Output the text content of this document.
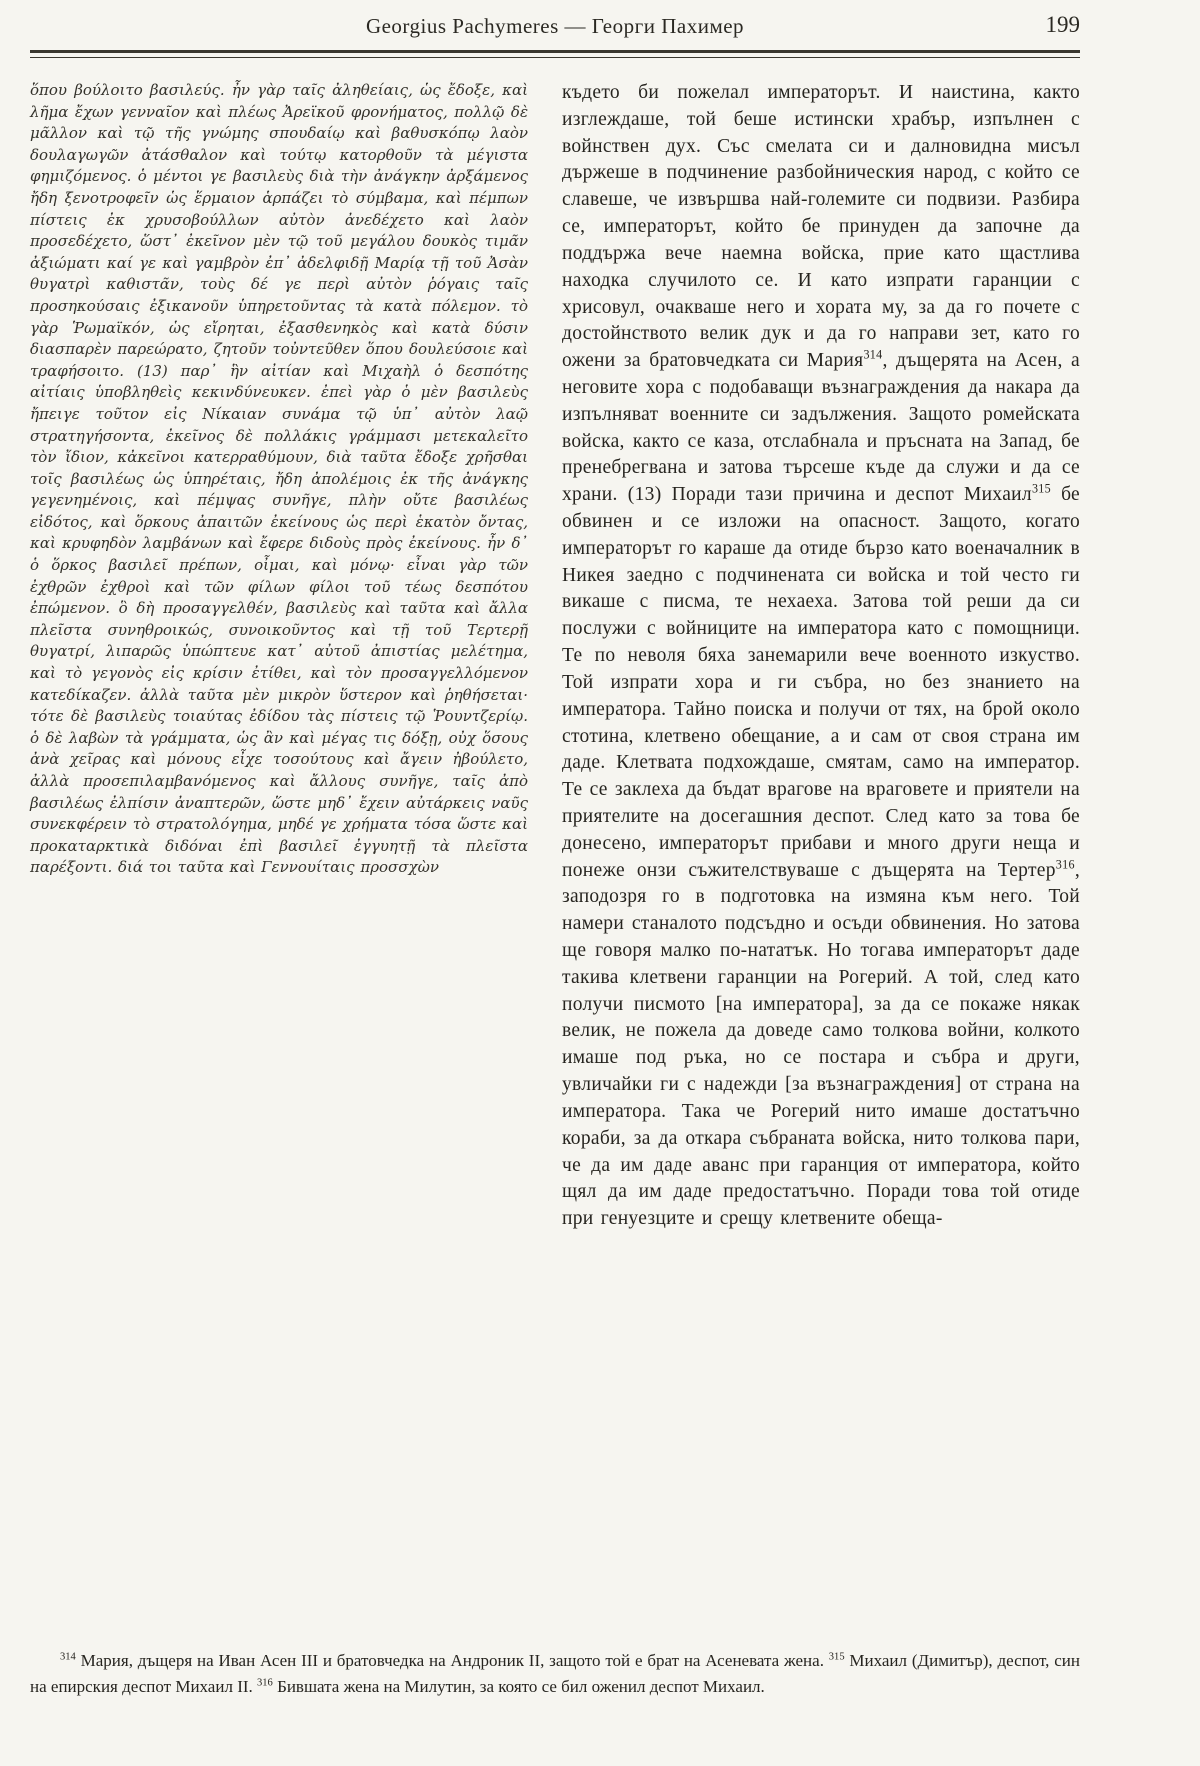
Georgius Pachymeres — Георги Пахимер	199
ὅπου βούλοιτο βασιλεύς. ἦν γὰρ ταῖς ἀληθείαις, ὡς ἔδοξε, καὶ λῆμα ἔχων γενναῖον καὶ πλέως Ἀρεϊκοῦ φρονήματος, πολλῷ δὲ μᾶλλον καὶ τῷ τῆς γνώμης σπουδαίῳ καὶ βαθυσκόπῳ λαὸν δουλαγωγῶν ἀτάσθαλον καὶ τούτῳ κατορθοῦν τὰ μέγιστα φημιζόμενος. ὁ μέντοι γε βασιλεὺς διὰ τὴν ἀνάγκην ἀρξάμενος ἤδη ξενοτροφεῖν ὡς ἕρμαιον ἁρπάζει τὸ σύμβαμα, καὶ πέμπων πίστεις ἐκ χρυσοβούλλων αὐτὸν ἀνεδέχετο καὶ λαὸν προσεδέχετο, ὥστ᾽ ἐκεῖνον μὲν τῷ τοῦ μεγάλου δουκὸς τιμᾶν ἀξιώματι καί γε καὶ γαμβρὸν ἐπ᾽ ἀδελφιδῇ Μαρίᾳ τῇ τοῦ Ἀσὰν θυγατρὶ καθιστᾶν, τοὺς δέ γε περὶ αὐτὸν ῥόγαις ταῖς προσηκούσαις ἐξικανοῦν ὑπηρετοῦντας τὰ κατὰ πόλεμον. τὸ γὰρ Ῥωμαϊκόν, ὡς εἴρηται, ἐξασθενηκὸς καὶ κατὰ δύσιν διασπαρὲν παρεώρατο, ζητοῦν τοὐντεῦθεν ὅπου δουλεύσοιε καὶ τραφήσοιτο. (13) παρ᾽ ἣν αἰτίαν καὶ Μιχαὴλ ὁ δεσπότης αἰτίαις ὑποβληθεὶς κεκινδύνευκεν. ἐπεὶ γὰρ ὁ μὲν βασιλεὺς ἤπειγε τοῦτον εἰς Νίκαιαν συνάμα τῷ ὑπ᾽ αὐτὸν λαῷ στρατηγήσοντα, ἐκεῖνος δὲ πολλάκις γράμμασι μετεκαλεῖτο τὸν ἴδιον, κἀκεῖνοι κατερραθύμουν, διὰ ταῦτα ἔδοξε χρῆσθαι τοῖς βασιλέως ὡς ὑπηρέταις, ἤδη ἀπολέμοις ἐκ τῆς ἀνάγκης γεγενημένοις, καὶ πέμψας συνῆγε, πλὴν οὔτε βασιλέως εἰδότος, καὶ ὅρκους ἀπαιτῶν ἐκείνους ὡς περὶ ἑκατὸν ὄντας, καὶ κρυφηδὸν λαμβάνων καὶ ἔφερε διδοὺς πρὸς ἐκείνους. ἦν δ᾽ ὁ ὅρκος βασιλεῖ πρέπων, οἶμαι, καὶ μόνῳ· εἶναι γὰρ τῶν ἐχθρῶν ἐχθροὶ καὶ τῶν φίλων φίλοι τοῦ τέως δεσπότου ἐπώμενον. ὃ δὴ προσαγγελθέν, βασιλεὺς καὶ ταῦτα καὶ ἄλλα πλεῖστα συνηθροικώς, συνοικοῦντος καὶ τῇ τοῦ Τερτερῇ θυγατρί, λιπαρῶς ὑπώπτευε κατ᾽ αὐτοῦ ἀπιστίας μελέτημα, καὶ τὸ γεγονὸς εἰς κρίσιν ἐτίθει, καὶ τὸν προσαγγελλόμενον κατεδίκαζεν. ἀλλὰ ταῦτα μὲν μικρὸν ὕστερον καὶ ῥηθήσεται· τότε δὲ βασιλεὺς τοιαύτας ἐδίδου τὰς πίστεις τῷ Ῥουντζερίῳ. ὁ δὲ λαβὼν τὰ γράμματα, ὡς ἂν καὶ μέγας τις δόξῃ, οὐχ ὅσους ἀνὰ χεῖρας καὶ μόνους εἶχε τοσούτους καὶ ἄγειν ἠβούλετο, ἀλλὰ προσεπιλαμβανόμενος καὶ ἄλλους συνῆγε, ταῖς ἀπὸ βασιλέως ἐλπίσιν ἀναπτερῶν, ὥστε μηδ᾽ ἔχειν αὐτάρκεις ναῦς συνεκφέρειν τὸ στρατολόγημα, μηδέ γε χρήματα τόσα ὥστε καὶ προκαταρκτικὰ διδόναι ἐπὶ βασιλεῖ ἐγγυητῇ τὰ πλεῖστα παρέξοντι. διά τοι ταῦτα καὶ Γεννουίταις προσσχὼν
където би пожелал императорът. И наистина, както изглеждаше, той беше истински храбър, изпълнен с войнствен дух. Със смелата си и далновидна мисъл държеше в подчинение разбойническия народ, с който се славеше, че извършва най-големите си подвизи. Разбира се, императорът, който бе принуден да започне да поддържа вече наемна войска, прие като щастлива находка случилото се. И като изпрати гаранции с хрисовул, очакваше него и хората му, за да го почете с достойнството велик дук и да го направи зет, като го ожени за братовчедката си Мария$^{314}$, дъщерята на Асен, а неговите хора с подобаващи възнаграждения да накара да изпълняват военните си задължения. Защото ромейската войска, както се каза, отслабнала и пръсната на Запад, бе пренебрегвана и затова търсеше къде да служи и да се храни. (13) Поради тази причина и деспот Михаил$^{315}$ бе обвинен и се изложи на опасност. Защото, когато императорът го караше да отиде бързо като военачалник в Никея заедно с подчинената си войска и той често ги викаше с писма, те нехаеха. Затова той реши да си послужи с войниците на императора като с помощници. Те по неволя бяха занемарили вече военното изкуство. Той изпрати хора и ги събра, но без знанието на императора. Тайно поиска и получи от тях, на брой около стотина, клетвено обещание, а и сам от своя страна им даде. Клетвата подхождаше, смятам, само на император. Те се заклеха да бъдат врагове на враговете и приятели на приятелите на досегашния деспот. След като за това бе донесено, императорът прибави и много други неща и понеже онзи съжителствуваше с дъщерята на Тертер$^{316}$, заподозря го в подготовка на измяна към него. Той намери станалото подсъдно и осъди обвинения. Но затова ще говоря малко по-нататък. Но тогава императорът даде такива клетвени гаранции на Рогерий. А той, след като получи писмото [на императора], за да се покаже някак велик, не пожела да доведе само толкова войни, колкото имаше под ръка, но се постара и събра и други, увличайки ги с надежди [за възнаграждения] от страна на императора. Така че Рогерий нито имаше достатъчно кораби, за да откара събраната войска, нито толкова пари, че да им даде аванс при гаранция от императора, който щял да им даде предостатъчно. Поради това той отиде при генуезците и срещу клетвените обеща-
$^{314}$ Мария, дъщеря на Иван Асен III и братовчедка на Андроник II, защото той е брат на Асеневата жена. $^{315}$ Михаил (Димитър), деспот, син на епирския деспот Михаил II. $^{316}$ Бившата жена на Милутин, за която се бил оженил деспот Михаил.
